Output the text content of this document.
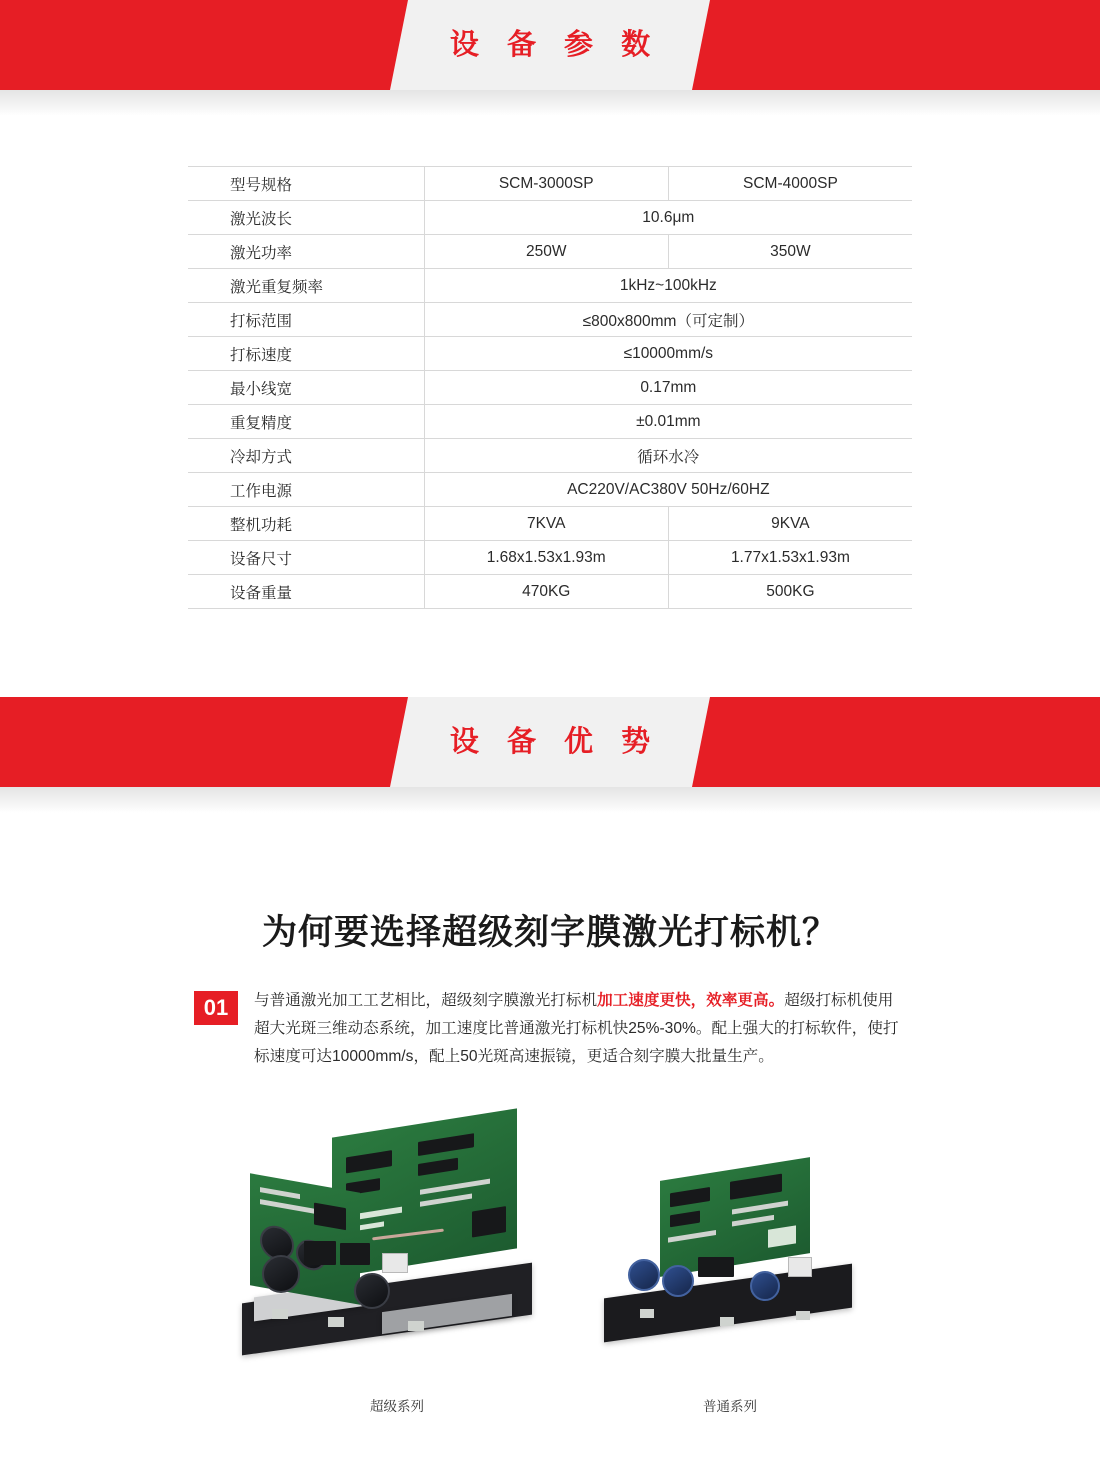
设 备 参 数
型号规格	SCM-3000SP	SCM-4000SP
激光波长	10.6μm	
激光功率	250W	350W
激光重复频率	1kHz~100kHz	
打标范围	≤800x800mm（可定制）	
打标速度	≤10000mm/s	
最小线宽	0.17mm	
重复精度	±0.01mm	
冷却方式	循环水冷	
工作电源	AC220V/AC380V 50Hz/60HZ	
整机功耗	7KVA	9KVA
设备尺寸	1.68x1.53x1.93m	1.77x1.53x1.93m
设备重量	470KG	500KG
设 备 优 势
为何要选择超级刻字膜激光打标机？
01	与普通激光加工工艺相比，超级刻字膜激光打标机加工速度更快，效率更高。超级打标机使用超大光斑三维动态系统，加工速度比普通激光打标机快25%-30%。配上强大的打标软件，使打标速度可达10000mm/s，配上50光斑高速振镜，更适合刻字膜大批量生产。
超级系列	普通系列
